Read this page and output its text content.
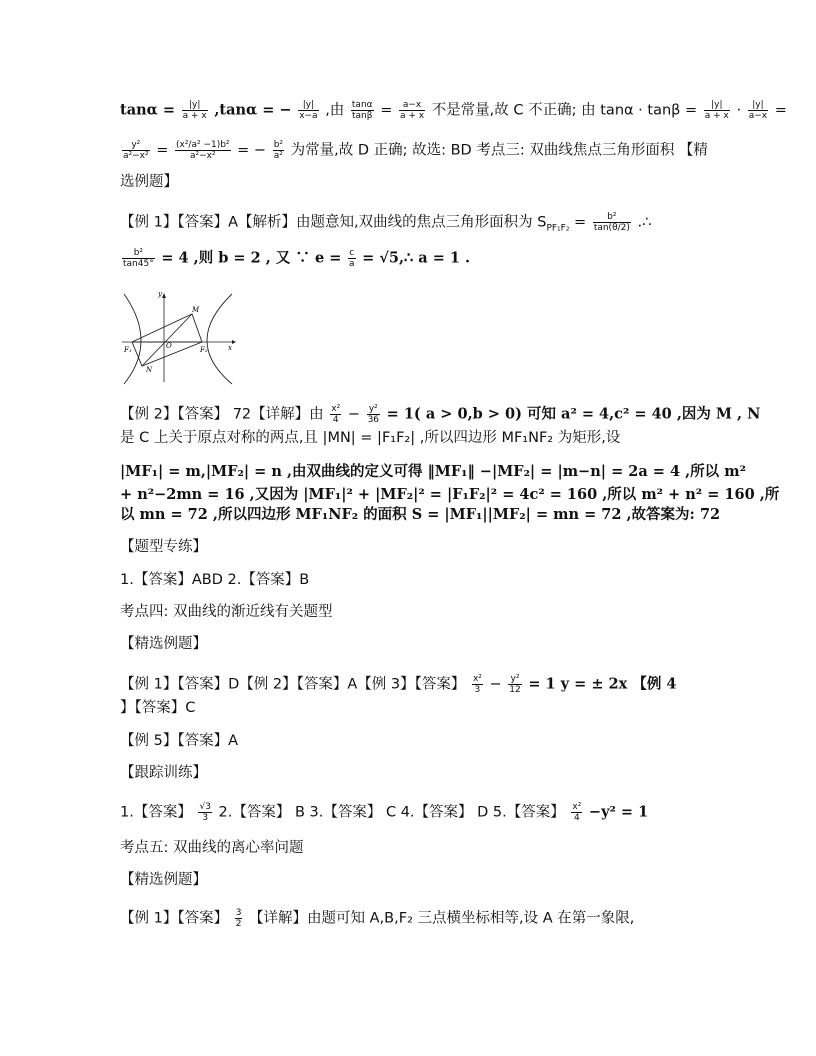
$\tan\alpha = \frac{|y|}{a + x} ,\tan\alpha$ = − $\frac{|y|}{x-a}$ ,由 $\frac{\tan\alpha}{\tan\beta} = \frac{a-x}{a + x}$ 不是常量,故 C 不正确; 由 $\tan\alpha \cdot \tan\beta = \frac{|y|}{a + x} \cdot \frac{|y|}{a-x}$ =
$\frac{\text{y²}}{\text{a²−x²}} = \frac{\text{(x²/a² −1)b²}}{\text{a²−x²}}$ = − $\frac{\text{b²}}{\text{a²}}$ 为常量,故 D 正确; 故选: BD 考点三: 双曲线焦点三角形面积 【精
选例题】
【例 1】【答案】A【解析】由题意知,双曲线的焦点三角形面积为 $S_{PF_1F_2} = \frac{\text{b²}}{\tan(\theta/2)}$ .∴
$\frac{\text{b²}}{\tan 45^\circ} = 4$ ,则 b = 2 , 又 ∵ $e = \frac{c}{a}$ = √5,∴ a = 1 .
y
x
M
N
O
F₁	F₂
【例 2】【答案】 72【详解】由 $\frac{\text{x²}}{4} - \frac{\text{y²}}{36} = 1$( a > 0,b > 0) 可知 a² = 4,c² = 40 ,因为 M , N
是 C 上关于原点对称的两点,且 |MN| = |F₁F₂| ,所以四边形 MF₁NF₂ 为矩形,设
|MF₁| = m,|MF₂| = n ,由双曲线的定义可得 ‖MF₁‖ −|MF₂| = |m−n| = 2a = 4 ,所以 m²
+ n²−2mn = 16 ,又因为 |MF₁|² + |MF₂|² = |F₁F₂|² = 4c² = 160 ,所以 m² + n² = 160 ,所
以 mn = 72 ,所以四边形 MF₁NF₂ 的面积 S = |MF₁||MF₂| = mn = 72 ,故答案为: 72
【题型专练】
1.【答案】ABD 2.【答案】B
考点四: 双曲线的渐近线有关题型
【精选例题】
【例 1】【答案】D【例 2】【答案】A【例 3】【答案】 $\frac{\text{x²}}{3} - \frac{\text{y²}}{12} = 1$ y = ± 2x 【例 4
】【答案】C
【例 5】【答案】A
【跟踪训练】
1.【答案】 $\frac{√3}{3} 2$.【答案】 B 3.【答案】 C 4.【答案】 D 5.【答案】 $\frac{\text{x²}}{4} -y^2 = 1$
考点五: 双曲线的离心率问题
【精选例题】
【例 1】【答案】 $\frac{3}{2}$ 【详解】由题可知 A,B,F₂ 三点横坐标相等,设 A 在第一象限,
